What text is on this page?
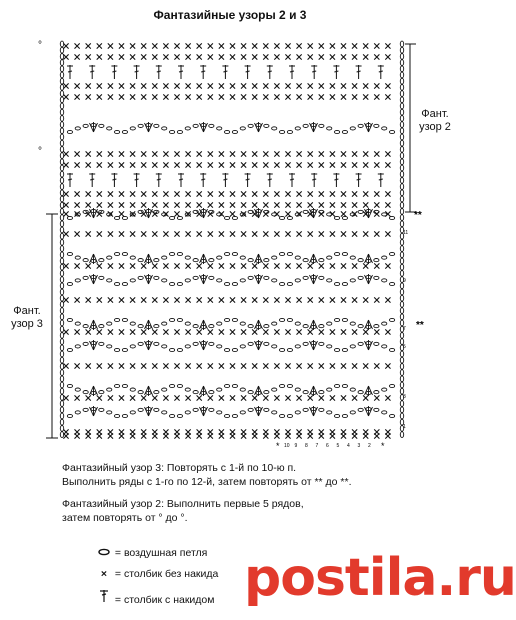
°
°
**
**
*	*
11
9
7
5
3
1
10 9 8 7 6 5 4 3 2
Фантазийные узоры 2 и 3
Фант.
узор 2
Фант.
узор 3

Фантазийный узор 3: Повторять с 1-й по 10-ю п.
Выполнить ряды с 1-го по 12-й, затем повторять от ** до **.

Фантазийный узор 2: Выполнить первые 5 рядов,
затем повторять от ° до °.

= воздушная петля
× = столбик без накида
= столбик с накидом postila.ru
